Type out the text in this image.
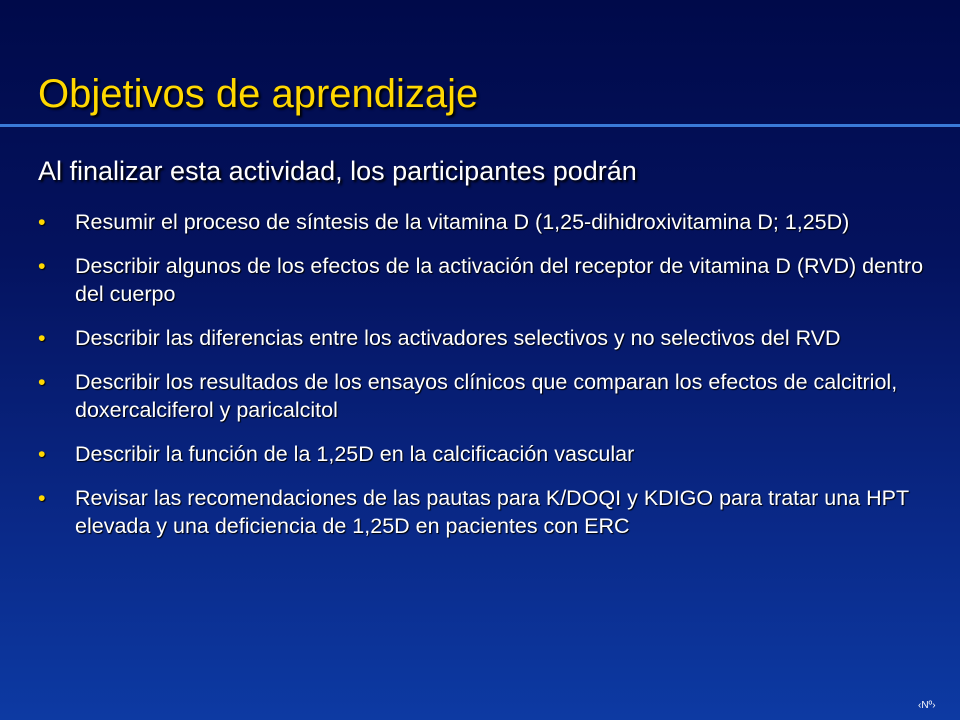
Objetivos de aprendizaje

Al finalizar esta actividad, los participantes podrán

•	Resumir el proceso de síntesis de la vitamina D (1,25-dihidroxivitamina D; 1,25D)
•	Describir algunos de los efectos de la activación del receptor de vitamina D (RVD) dentro del cuerpo
•	Describir las diferencias entre los activadores selectivos y no selectivos del RVD
•	Describir los resultados de los ensayos clínicos que comparan los efectos de calcitriol, doxercalciferol y paricalcitol
•	Describir la función de la 1,25D en la calcificación vascular
•	Revisar las recomendaciones de las pautas para K/DOQI y KDIGO para tratar una HPT elevada y una deficiencia de 1,25D en pacientes con ERC
‹Nº›
